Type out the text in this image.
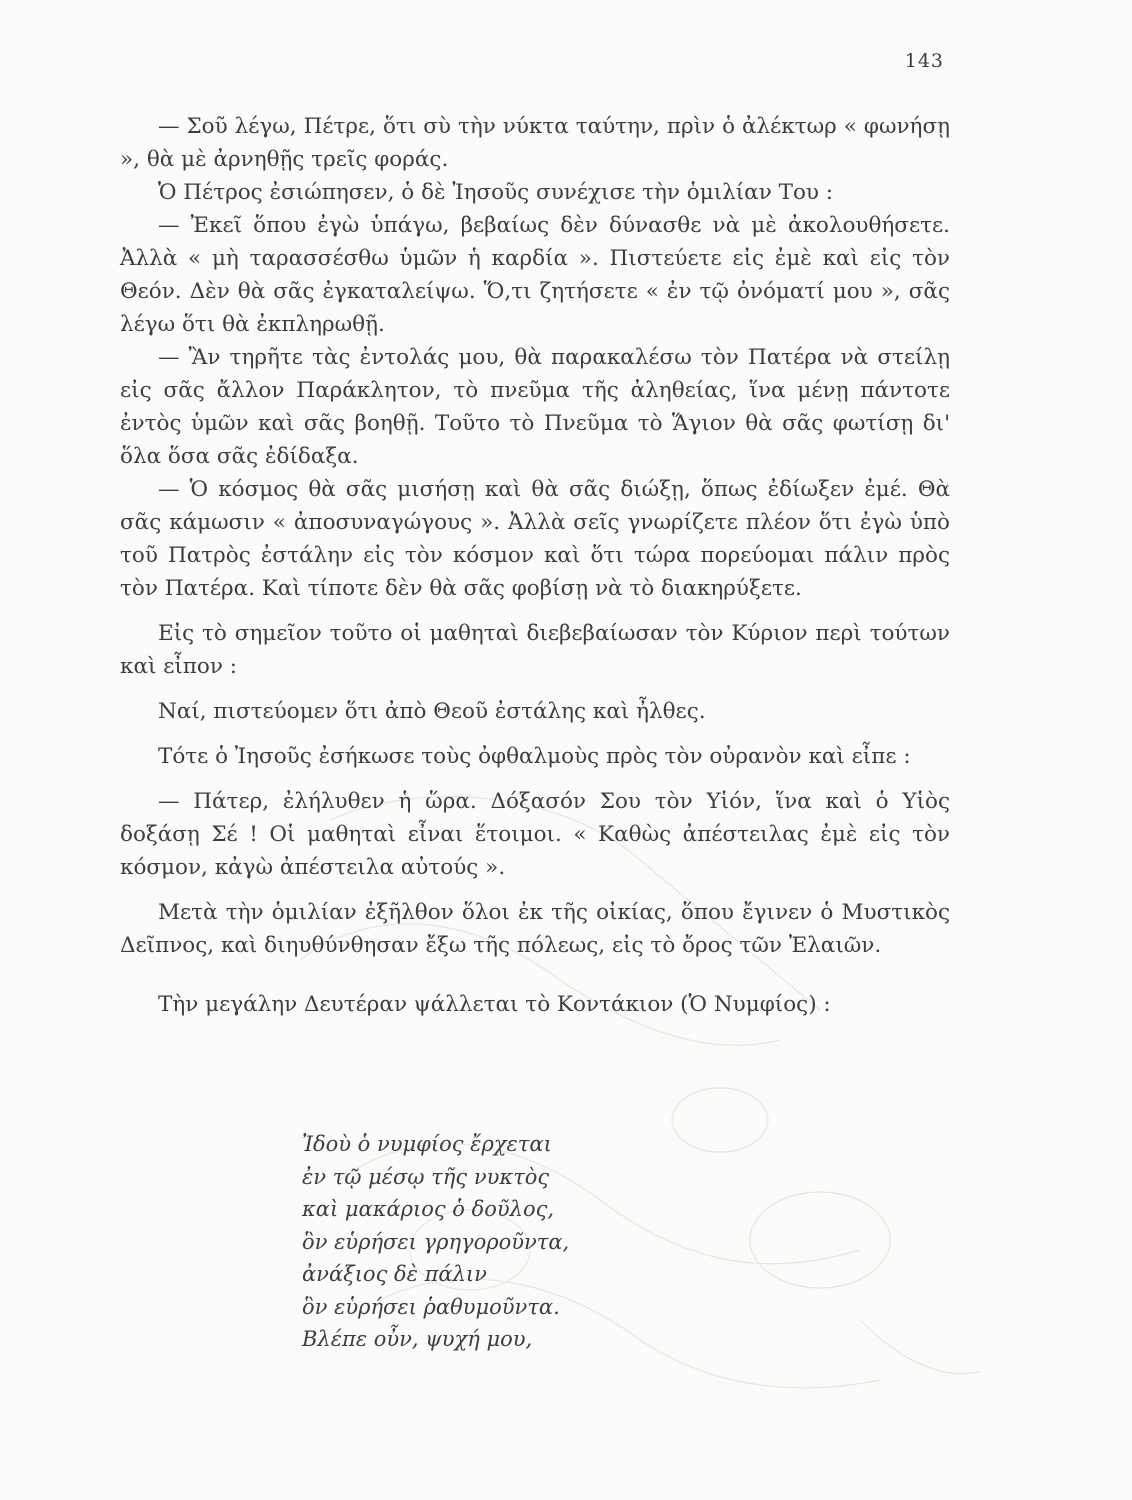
143

— Σοῦ λέγω, Πέτρε, ὅτι σὺ τὴν νύκτα ταύτην, πρὶν ὁ ἀλέκτωρ « φωνήσῃ », θὰ μὲ ἀρνηθῇς τρεῖς φοράς.

Ὁ Πέτρος ἐσιώπησεν, ὁ δὲ Ἰησοῦς συνέχισε τὴν ὁμιλίαν Του :

— Ἐκεῖ ὅπου ἐγὼ ὑπάγω, βεβαίως δὲν δύνασθε νὰ μὲ ἀκολουθήσετε. Ἀλλὰ « μὴ ταρασσέσθω ὑμῶν ἡ καρδία ». Πιστεύετε εἰς ἐμὲ καὶ εἰς τὸν Θεόν. Δὲν θὰ σᾶς ἐγκαταλείψω. Ὅ,τι ζητήσετε « ἐν τῷ ὀνόματί μου », σᾶς λέγω ὅτι θὰ ἐκπληρωθῇ.

— Ἂν τηρῆτε τὰς ἐντολάς μου, θὰ παρακαλέσω τὸν Πατέρα νὰ στείλῃ εἰς σᾶς ἄλλον Παράκλητον, τὸ πνεῦμα τῆς ἀληθείας, ἵνα μένῃ πάντοτε ἐντὸς ὑμῶν καὶ σᾶς βοηθῇ. Τοῦτο τὸ Πνεῦμα τὸ Ἅγιον θὰ σᾶς φωτίσῃ δι' ὅλα ὅσα σᾶς ἐδίδαξα.

— Ὁ κόσμος θὰ σᾶς μισήσῃ καὶ θὰ σᾶς διώξῃ, ὅπως ἐδίωξεν ἐμέ. Θὰ σᾶς κάμωσιν « ἀποσυναγώγους ». Ἀλλὰ σεῖς γνωρίζετε πλέον ὅτι ἐγὼ ὑπὸ τοῦ Πατρὸς ἐστάλην εἰς τὸν κόσμον καὶ ὅτι τώρα πορεύομαι πάλιν πρὸς τὸν Πατέρα. Καὶ τίποτε δὲν θὰ σᾶς φοβίσῃ νὰ τὸ διακηρύξετε.

Εἰς τὸ σημεῖον τοῦτο οἱ μαθηταὶ διεβεβαίωσαν τὸν Κύριον περὶ τούτων καὶ εἶπον :

Ναί, πιστεύομεν ὅτι ἀπὸ Θεοῦ ἐστάλης καὶ ἦλθες.

Τότε ὁ Ἰησοῦς ἐσήκωσε τοὺς ὀφθαλμοὺς πρὸς τὸν οὐρανὸν καὶ εἶπε :

— Πάτερ, ἐλήλυθεν ἡ ὥρα. Δόξασόν Σου τὸν Υἱόν, ἵνα καὶ ὁ Υἱὸς δοξάσῃ Σέ ! Οἱ μαθηταὶ εἶναι ἕτοιμοι. « Καθὼς ἀπέστειλας ἐμὲ εἰς τὸν κόσμον, κἀγὼ ἀπέστειλα αὐτούς ».

Μετὰ τὴν ὁμιλίαν ἐξῆλθον ὅλοι ἐκ τῆς οἰκίας, ὅπου ἔγινεν ὁ Μυστικὸς Δεῖπνος, καὶ διηυθύνθησαν ἔξω τῆς πόλεως, εἰς τὸ ὄρος τῶν Ἐλαιῶν.

Τὴν μεγάλην Δευτέραν ψάλλεται τὸ Κοντάκιον (Ὁ Νυμφίος) :

Ἰδοὺ ὁ νυμφίος ἔρχεται
ἐν τῷ μέσῳ τῆς νυκτὸς
καὶ μακάριος ὁ δοῦλος,
ὃν εὑρήσει γρηγοροῦντα,
ἀνάξιος δὲ πάλιν
ὃν εὑρήσει ῥαθυμοῦντα.
Βλέπε οὖν, ψυχή μου,
